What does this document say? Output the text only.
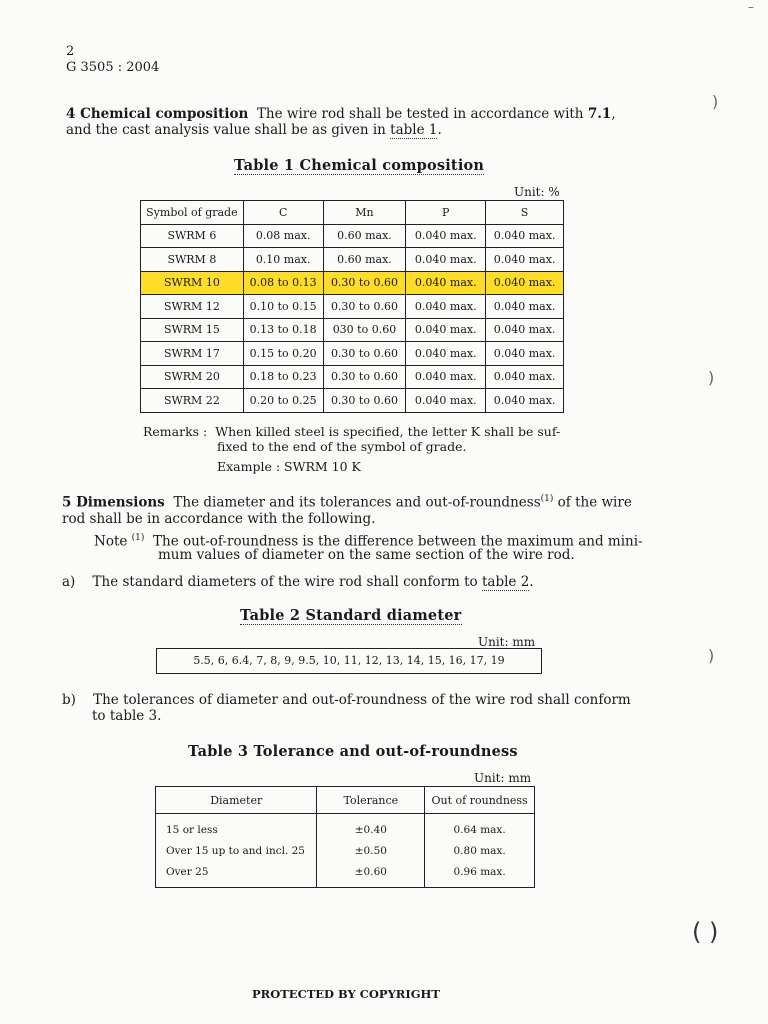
2
G 3505 : 2004
4 Chemical composition The wire rod shall be tested in accordance with 7.1,
and the cast analysis value shall be as given in table 1.
Table 1 Chemical composition
Unit: %
Symbol of grade	C	Mn	P	S
SWRM 6	0.08 max.	0.60 max.	0.040 max.	0.040 max.
SWRM 8	0.10 max.	0.60 max.	0.040 max.	0.040 max.
SWRM 10	0.08 to 0.13	0.30 to 0.60	0.040 max.	0.040 max.
SWRM 12	0.10 to 0.15	0.30 to 0.60	0.040 max.	0.040 max.
SWRM 15	0.13 to 0.18	030 to 0.60	0.040 max.	0.040 max.
SWRM 17	0.15 to 0.20	0.30 to 0.60	0.040 max.	0.040 max.
SWRM 20	0.18 to 0.23	0.30 to 0.60	0.040 max.	0.040 max.
SWRM 22	0.20 to 0.25	0.30 to 0.60	0.040 max.	0.040 max.
Remarks : When killed steel is specified, the letter K shall be suf-
fixed to the end of the symbol of grade.
Example : SWRM 10 K
5 Dimensions The diameter and its tolerances and out-of-roundness$^{(1)}$ of the wire
rod shall be in accordance with the following.
Note $^{(1)}$ The out-of-roundness is the difference between the maximum and mini-
mum values of diameter on the same section of the wire rod.
a) The standard diameters of the wire rod shall conform to table 2.
Table 2 Standard diameter
Unit: mm
5.5, 6, 6.4, 7, 8, 9, 9.5, 10, 11, 12, 13, 14, 15, 16, 17, 19
b) The tolerances of diameter and out-of-roundness of the wire rod shall conform
to table 3.
Table 3 Tolerance and out-of-roundness
Unit: mm
Diameter	Tolerance	Out of roundness
15 or less	±0.40	0.64 max.
Over 15 up to and incl. 25	±0.50	0.80 max.
Over 25	±0.60	0.96 max.
)
–
)
)
( )
PROTECTED BY COPYRIGHT
